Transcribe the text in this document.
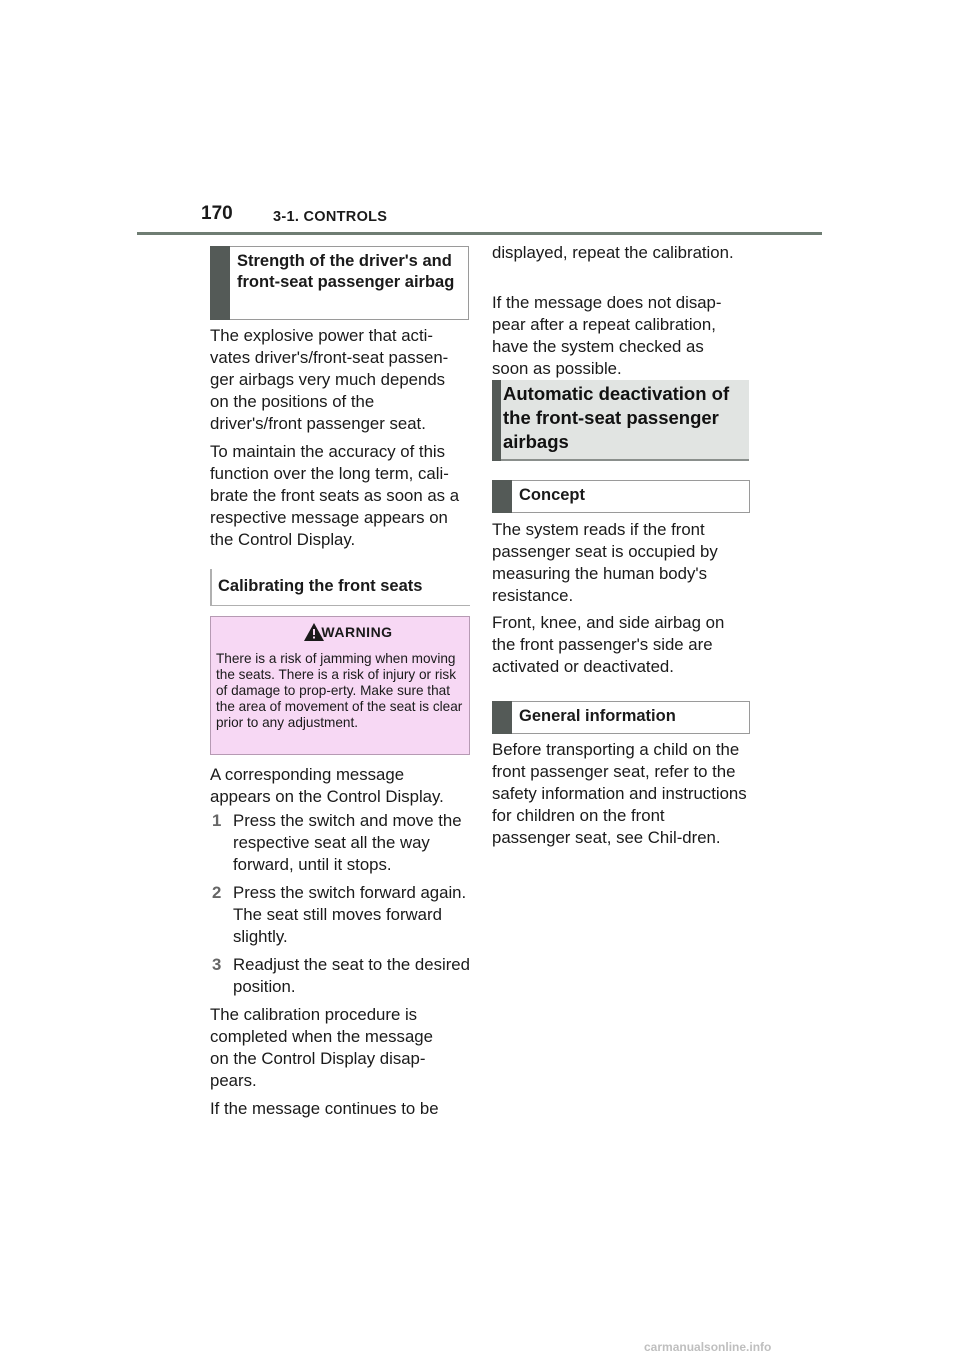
170	3-1. CONTROLS
Strength of the driver's and front-seat passenger airbag

The explosive power that acti-vates driver's/front-seat passen-ger airbags very much depends on the positions of the driver's/front passenger seat.

To maintain the accuracy of this function over the long term, cali-brate the front seats as soon as a respective message appears on the Control Display.

Calibrating the front seats
WARNING
There is a risk of jamming when moving the seats. There is a risk of injury or risk of damage to prop-erty. Make sure that the area of movement of the seat is clear prior to any adjustment.

A corresponding message appears on the Control Display.

1 Press the switch and move the respective seat all the way forward, until it stops.
2 Press the switch forward again. The seat still moves forward slightly.
3 Readjust the seat to the desired position.

The calibration procedure is completed when the message on the Control Display disap-pears.

If the message continues to be

displayed, repeat the calibration.

If the message does not disap-pear after a repeat calibration, have the system checked as soon as possible.

Automatic deactivation of the front-seat passenger airbags
Concept

The system reads if the front passenger seat is occupied by measuring the human body's resistance.

Front, knee, and side airbag on the front passenger's side are activated or deactivated.

General information

Before transporting a child on the front passenger seat, refer to the safety information and instructions for children on the front passenger seat, see Chil-dren.

carmanualsonline.info
